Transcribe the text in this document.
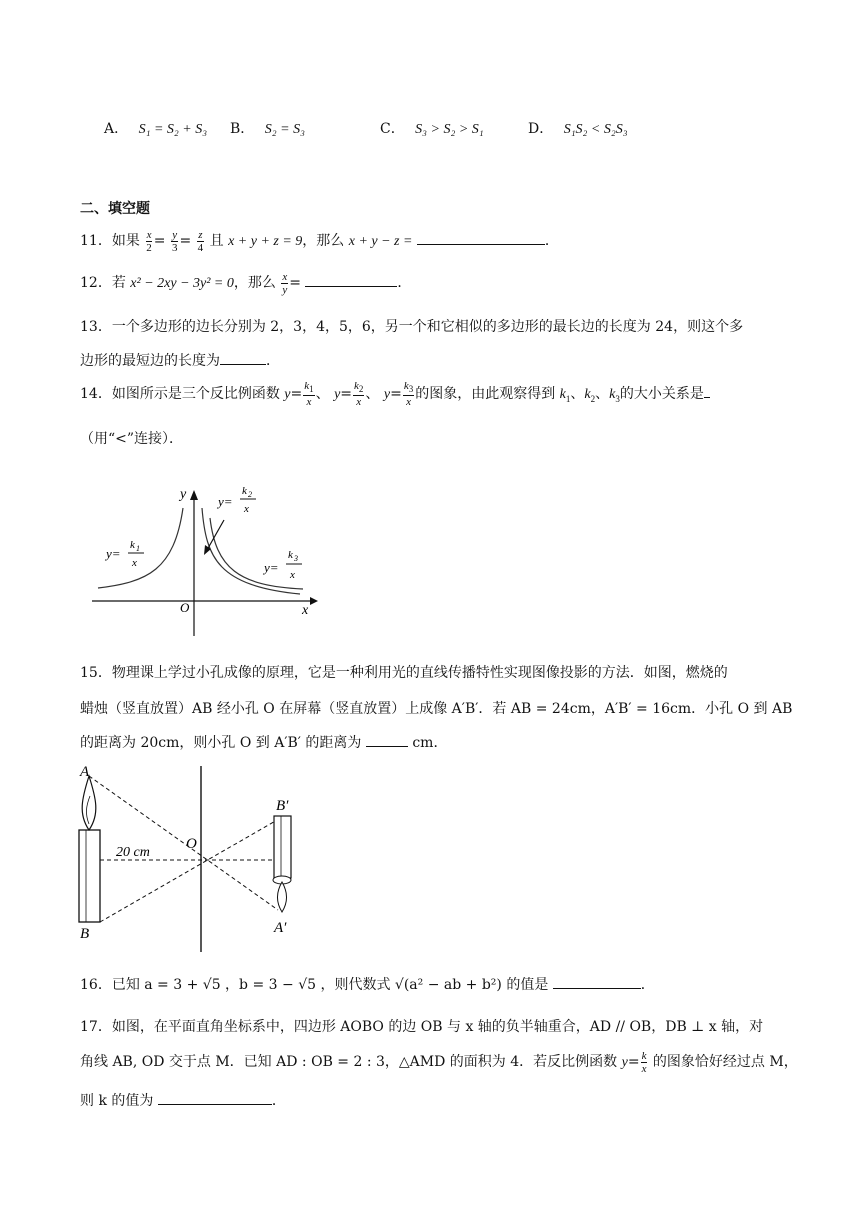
A． S₁ = S₂ + S₃ B． S₂ = S₃	C． S₃ > S₂ > S₁	D． S₁S₂ < S₂S₃
二、填空题
11．如果 $\frac{x}{2} = \frac{y}{3} = \frac{z}{4}$ 且 x + y + z = 9，那么 x + y − z =	．
12．若 x² − 2xy − 3y² = 0，那么 $\frac{x}{y}$ =	．
13．一个多边形的边长分别为 2，3，4，5，6，另一个和它相似的多边形的最长边的长度为 24，则这个多
边形的最短边的长度为	．
14．如图所示是三个反比例函数 $y= \frac{k_1}{x}$ 、 $y= \frac{k_2}{x}$ 、 $y= \frac{k_3}{x}$ 的图象，由此观察得到 $k_1$、$k_2$、$k_3$的大小关系是
（用“<”连接）．
y
x
O
y=
k 1
x
y=
k 2
x
y=
k 3
x
15．物理课上学过小孔成像的原理，它是一种利用光的直线传播特性实现图像投影的方法．如图，燃烧的
蜡烛（竖直放置）AB 经小孔 O 在屏幕（竖直放置）上成像 A′B′．若 AB = 24cm，A′B′ = 16cm．小孔 O 到 AB
的距离为 20cm，则小孔 O 到 A′B′ 的距离为	cm．
A
B
O
20 cm
B′
A′
16．已知 a = 3 + √5 ，b = 3 − √5 ，则代数式 √(a² − ab + b²) 的值是	．
17．如图，在平面直角坐标系中，四边形 AOBO 的边 OB 与 x 轴的负半轴重合，AD // OB，DB ⊥ x 轴，对
角线 AB, OD 交于点 M．已知 AD : OB = 2 : 3，△AMD 的面积为 4．若反比例函数 $y= \frac{k}{x}$ 的图象恰好经过点 M，
则 k 的值为	．
